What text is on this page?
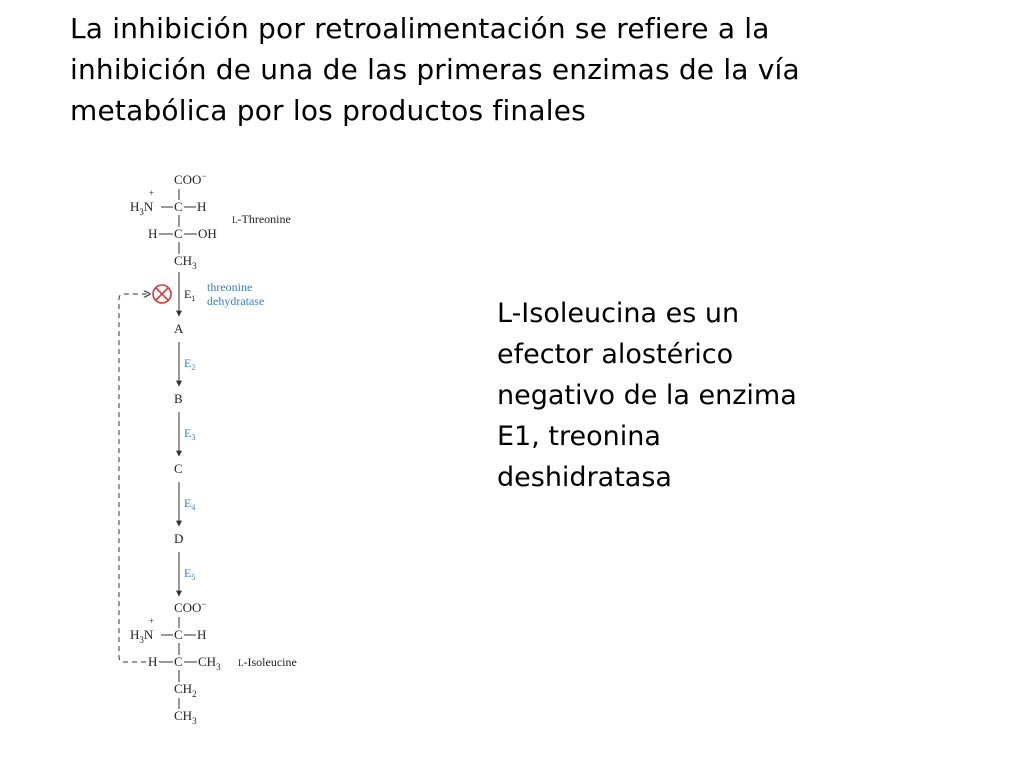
La inhibición por retroalimentación se refiere a la
inhibición de una de las primeras enzimas de la vía
metabólica por los productos finales

L-Isoleucina es un
efector alostérico
negativo de la enzima
E1, treonina
deshidratasa

COO−
+
$H_3N$ C H
L-Threonine
H C OH
$CH_3$
$E_1$
threonine
dehydratase
A
$E_2$
B
$E_3$
C
$E_4$
D
$E_5$
COO−
+
$H_3N$ C H
H C $CH_3$ L-Isoleucine
$CH_2$
$CH_3$
